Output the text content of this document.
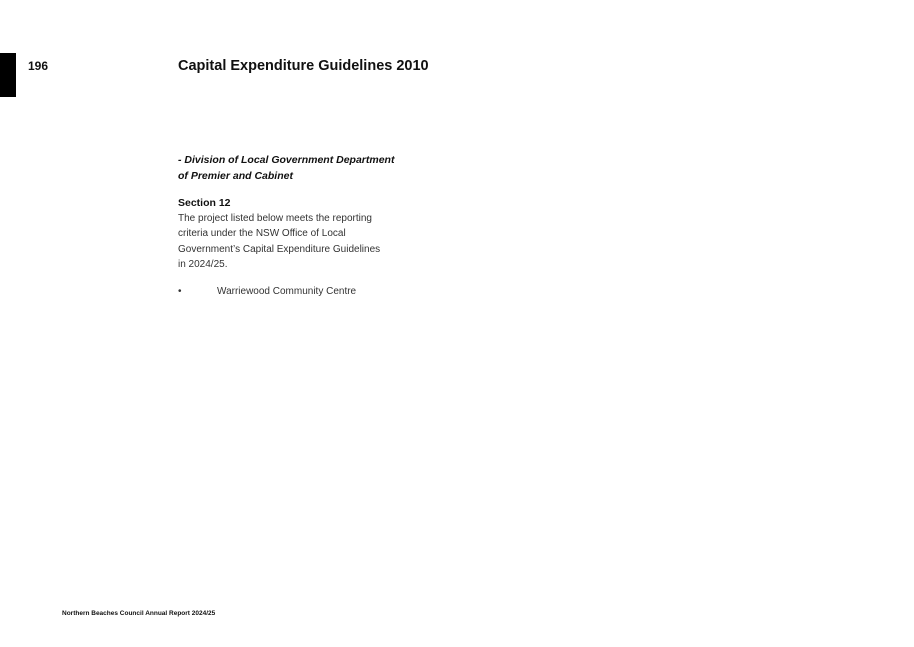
196	Capital Expenditure Guidelines 2010

- Division of Local Government Department
of Premier and Cabinet

Section 12

The project listed below meets the reporting
criteria under the NSW Office of Local
Government’s Capital Expenditure Guidelines
in 2024/25.

•	Warriewood Community Centre
Northern Beaches Council Annual Report 2024/25
